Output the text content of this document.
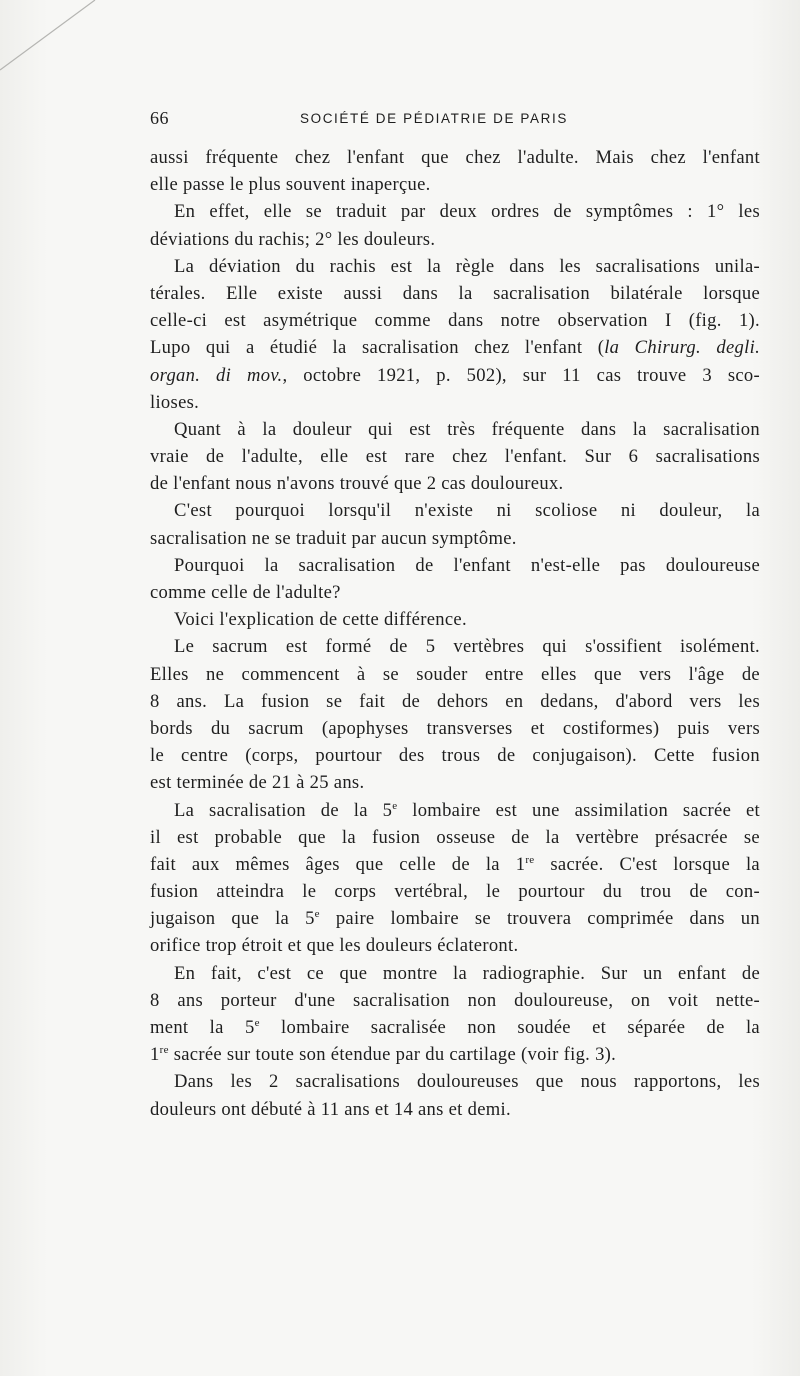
66	SOCIÉTÉ DE PÉDIATRIE DE PARIS
aussi fréquente chez l'enfant que chez l'adulte. Mais chez l'enfant
elle passe le plus souvent inaperçue.
En effet, elle se traduit par deux ordres de symptômes : 1° les
déviations du rachis; 2° les douleurs.
La déviation du rachis est la règle dans les sacralisations unila-
térales. Elle existe aussi dans la sacralisation bilatérale lorsque
celle-ci est asymétrique comme dans notre observation I (fig. 1).
Lupo qui a étudié la sacralisation chez l'enfant (la Chirurg. degli.
organ. di mov., octobre 1921, p. 502), sur 11 cas trouve 3 sco-
lioses.
Quant à la douleur qui est très fréquente dans la sacralisation
vraie de l'adulte, elle est rare chez l'enfant. Sur 6 sacralisations
de l'enfant nous n'avons trouvé que 2 cas douloureux.
C'est pourquoi lorsqu'il n'existe ni scoliose ni douleur, la
sacralisation ne se traduit par aucun symptôme.
Pourquoi la sacralisation de l'enfant n'est-elle pas douloureuse
comme celle de l'adulte?
Voici l'explication de cette différence.
Le sacrum est formé de 5 vertèbres qui s'ossifient isolément.
Elles ne commencent à se souder entre elles que vers l'âge de
8 ans. La fusion se fait de dehors en dedans, d'abord vers les
bords du sacrum (apophyses transverses et costiformes) puis vers
le centre (corps, pourtour des trous de conjugaison). Cette fusion
est terminée de 21 à 25 ans.
La sacralisation de la 5e lombaire est une assimilation sacrée et
il est probable que la fusion osseuse de la vertèbre présacrée se
fait aux mêmes âges que celle de la 1re sacrée. C'est lorsque la
fusion atteindra le corps vertébral, le pourtour du trou de con-
jugaison que la 5e paire lombaire se trouvera comprimée dans un
orifice trop étroit et que les douleurs éclateront.
En fait, c'est ce que montre la radiographie. Sur un enfant de
8 ans porteur d'une sacralisation non douloureuse, on voit nette-
ment la 5e lombaire sacralisée non soudée et séparée de la
1re sacrée sur toute son étendue par du cartilage (voir fig. 3).
Dans les 2 sacralisations douloureuses que nous rapportons, les
douleurs ont débuté à 11 ans et 14 ans et demi.
